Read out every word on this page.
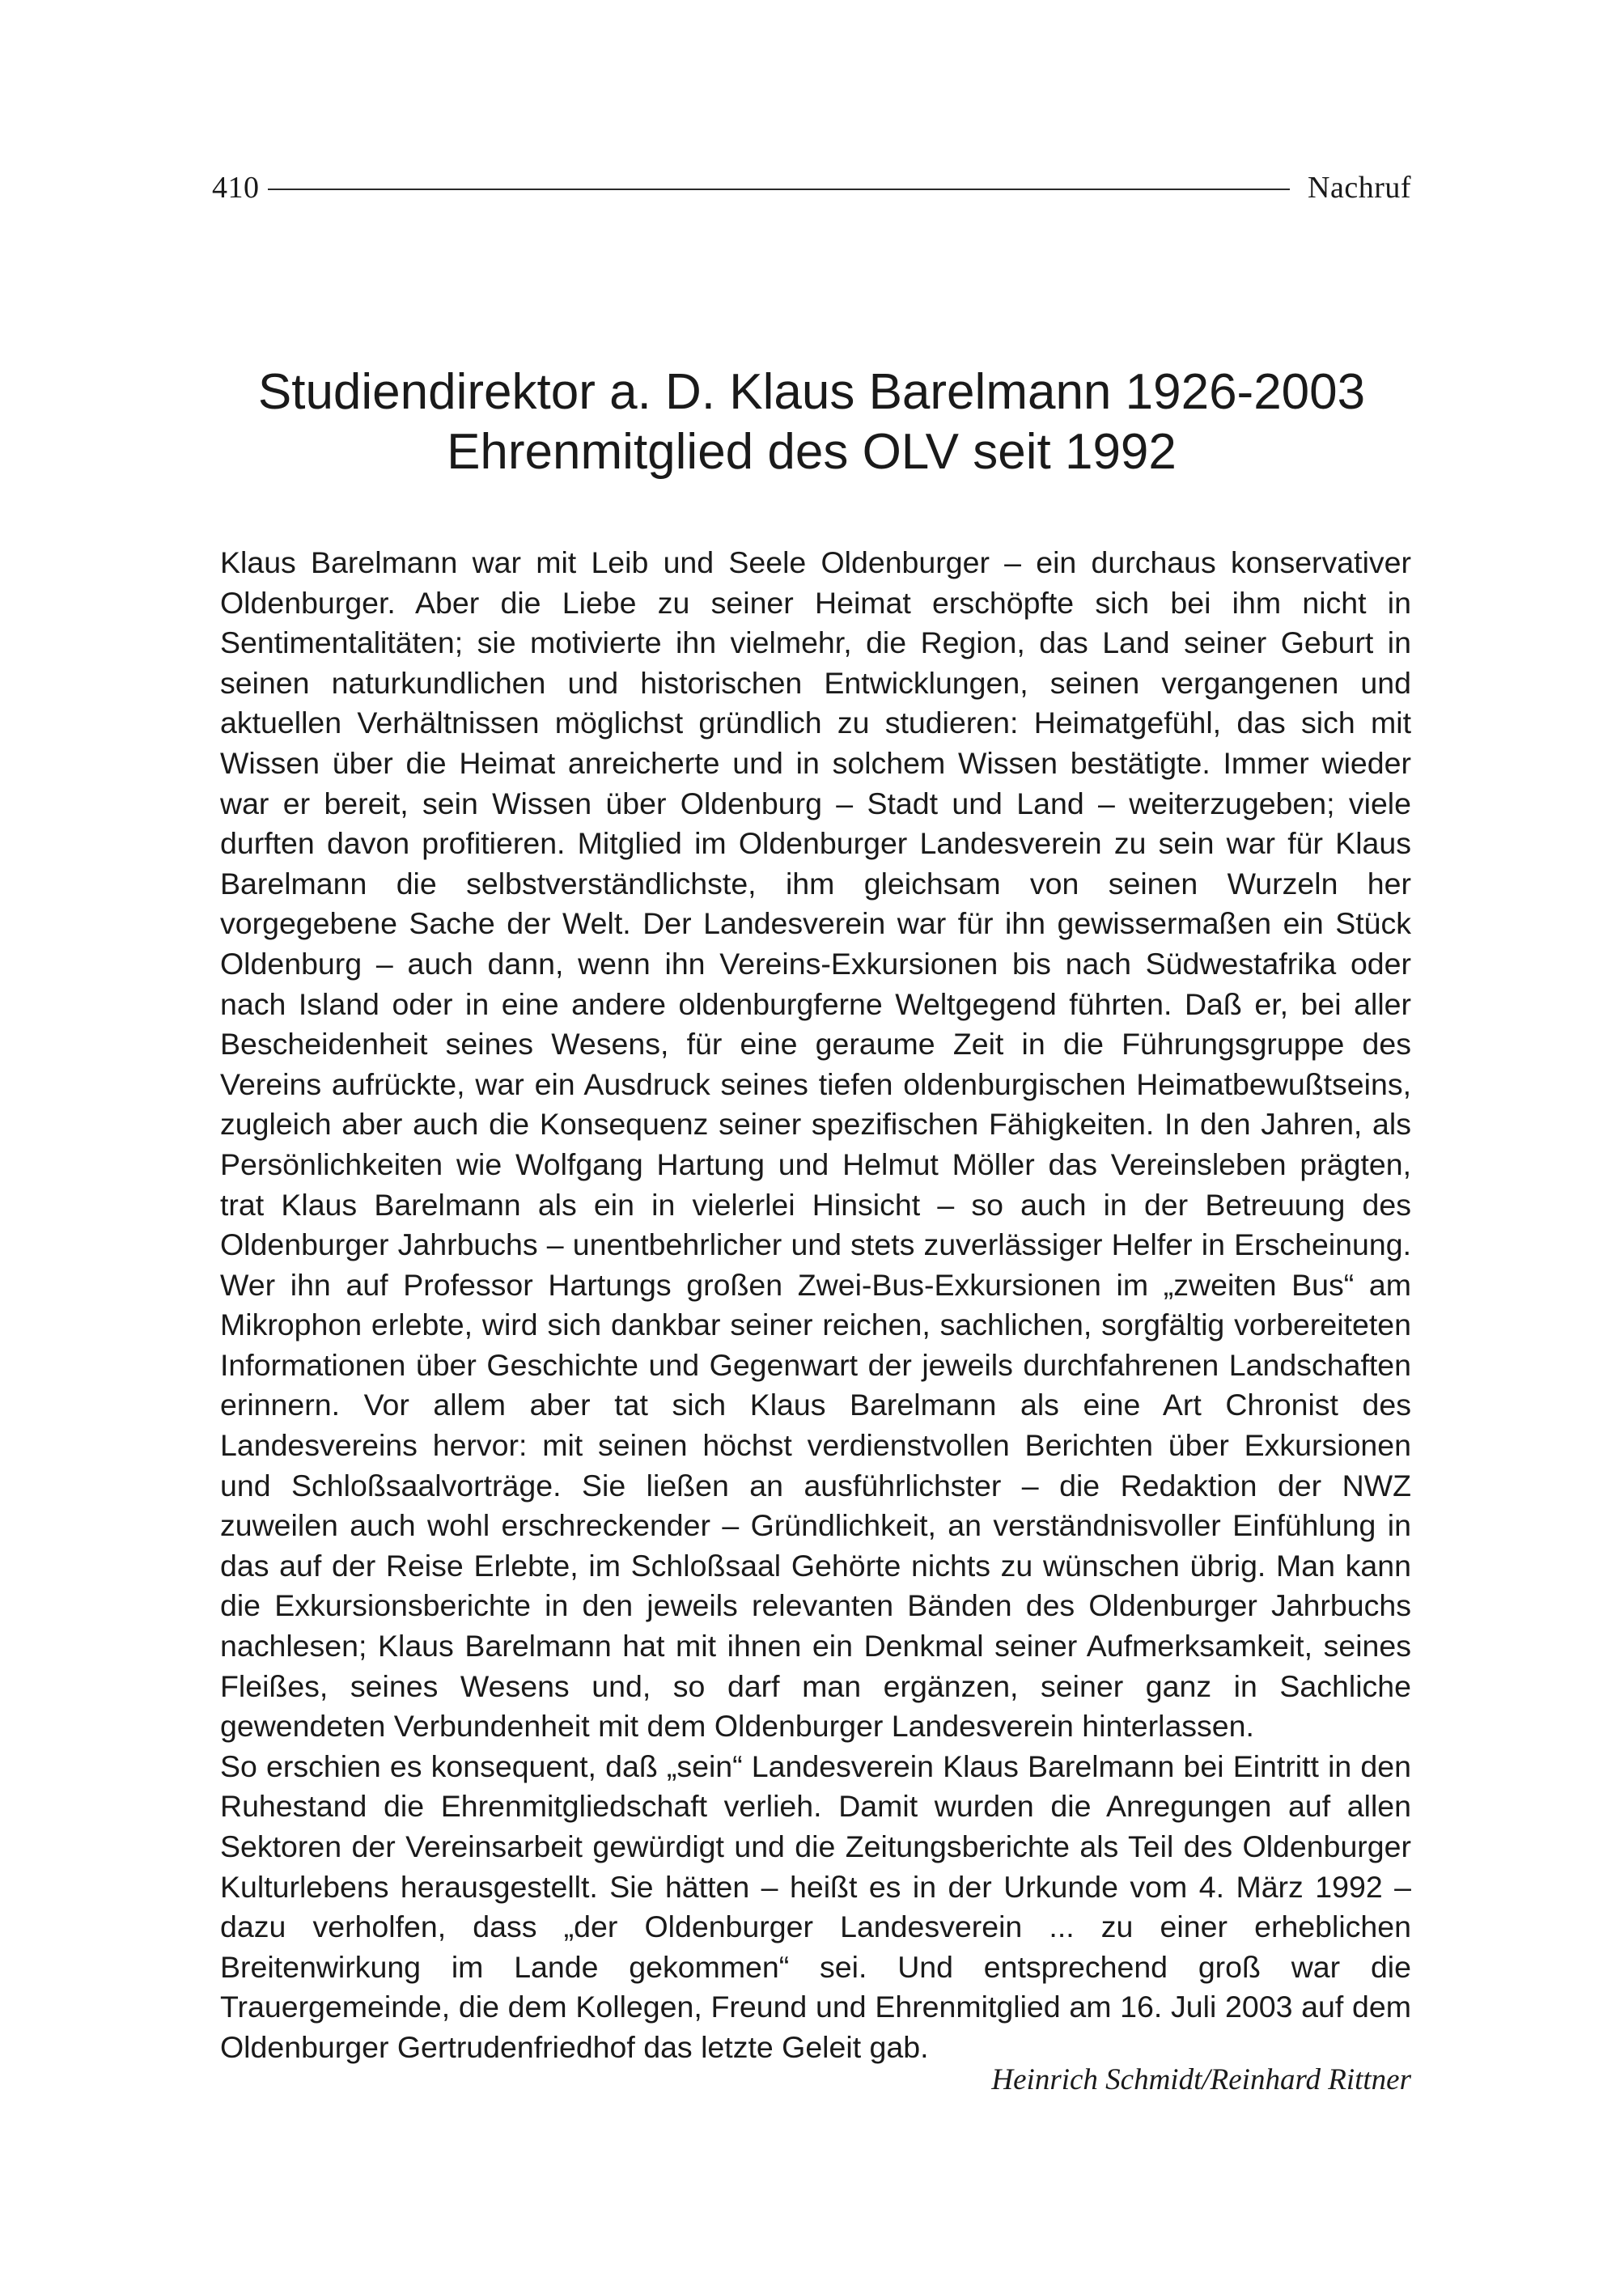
410	Nachruf
Studiendirektor a. D. Klaus Barelmann 1926-2003
Ehrenmitglied des OLV seit 1992

Klaus Barelmann war mit Leib und Seele Oldenburger – ein durchaus konservativer Oldenburger. Aber die Liebe zu seiner Heimat erschöpfte sich bei ihm nicht in Sentimentalitäten; sie motivierte ihn vielmehr, die Region, das Land seiner Geburt in seinen naturkundlichen und historischen Entwicklungen, seinen vergangenen und aktuellen Verhältnissen möglichst gründlich zu studieren: Heimatgefühl, das sich mit Wissen über die Heimat anreicherte und in solchem Wissen bestätigte. Immer wieder war er bereit, sein Wissen über Oldenburg – Stadt und Land – weiterzugeben; viele durften davon profitieren. Mitglied im Oldenburger Landesverein zu sein war für Klaus Barelmann die selbstverständlichste, ihm gleichsam von seinen Wurzeln her vorgegebene Sache der Welt. Der Landesverein war für ihn gewissermaßen ein Stück Oldenburg – auch dann, wenn ihn Vereins-Exkursionen bis nach Südwestafrika oder nach Island oder in eine andere oldenburgferne Weltgegend führten. Daß er, bei aller Bescheidenheit seines Wesens, für eine geraume Zeit in die Führungsgruppe des Vereins aufrückte, war ein Ausdruck seines tiefen oldenburgischen Heimatbewußtseins, zugleich aber auch die Konsequenz seiner spezifischen Fähigkeiten. In den Jahren, als Persönlichkeiten wie Wolfgang Hartung und Helmut Möller das Vereinsleben prägten, trat Klaus Barelmann als ein in vielerlei Hinsicht – so auch in der Betreuung des Oldenburger Jahrbuchs – unentbehrlicher und stets zuverlässiger Helfer in Erscheinung. Wer ihn auf Professor Hartungs großen Zwei-Bus-Exkursionen im „zweiten Bus“ am Mikrophon erlebte, wird sich dankbar seiner reichen, sachlichen, sorgfältig vorbereiteten Informationen über Geschichte und Gegenwart der jeweils durchfahrenen Landschaften erinnern. Vor allem aber tat sich Klaus Barelmann als eine Art Chronist des Landesvereins hervor: mit seinen höchst verdienstvollen Berichten über Exkursionen und Schloßsaalvorträge. Sie ließen an ausführlichster – die Redaktion der NWZ zuweilen auch wohl erschreckender – Gründlichkeit, an verständnisvoller Einfühlung in das auf der Reise Erlebte, im Schloßsaal Gehörte nichts zu wünschen übrig. Man kann die Exkursionsberichte in den jeweils relevanten Bänden des Oldenburger Jahrbuchs nachlesen; Klaus Barelmann hat mit ihnen ein Denkmal seiner Aufmerksamkeit, seines Fleißes, seines Wesens und, so darf man ergänzen, seiner ganz in Sachliche gewendeten Verbundenheit mit dem Oldenburger Landesverein hinterlassen.

So erschien es konsequent, daß „sein“ Landesverein Klaus Barelmann bei Eintritt in den Ruhestand die Ehrenmitgliedschaft verlieh. Damit wurden die Anregungen auf allen Sektoren der Vereinsarbeit gewürdigt und die Zeitungsberichte als Teil des Oldenburger Kulturlebens herausgestellt. Sie hätten – heißt es in der Urkunde vom 4. März 1992 – dazu verholfen, dass „der Oldenburger Landesverein ... zu einer erheblichen Breitenwirkung im Lande gekommen“ sei. Und entsprechend groß war die Trauergemeinde, die dem Kollegen, Freund und Ehrenmitglied am 16. Juli 2003 auf dem Oldenburger Gertrudenfriedhof das letzte Geleit gab.

Heinrich Schmidt/Reinhard Rittner
